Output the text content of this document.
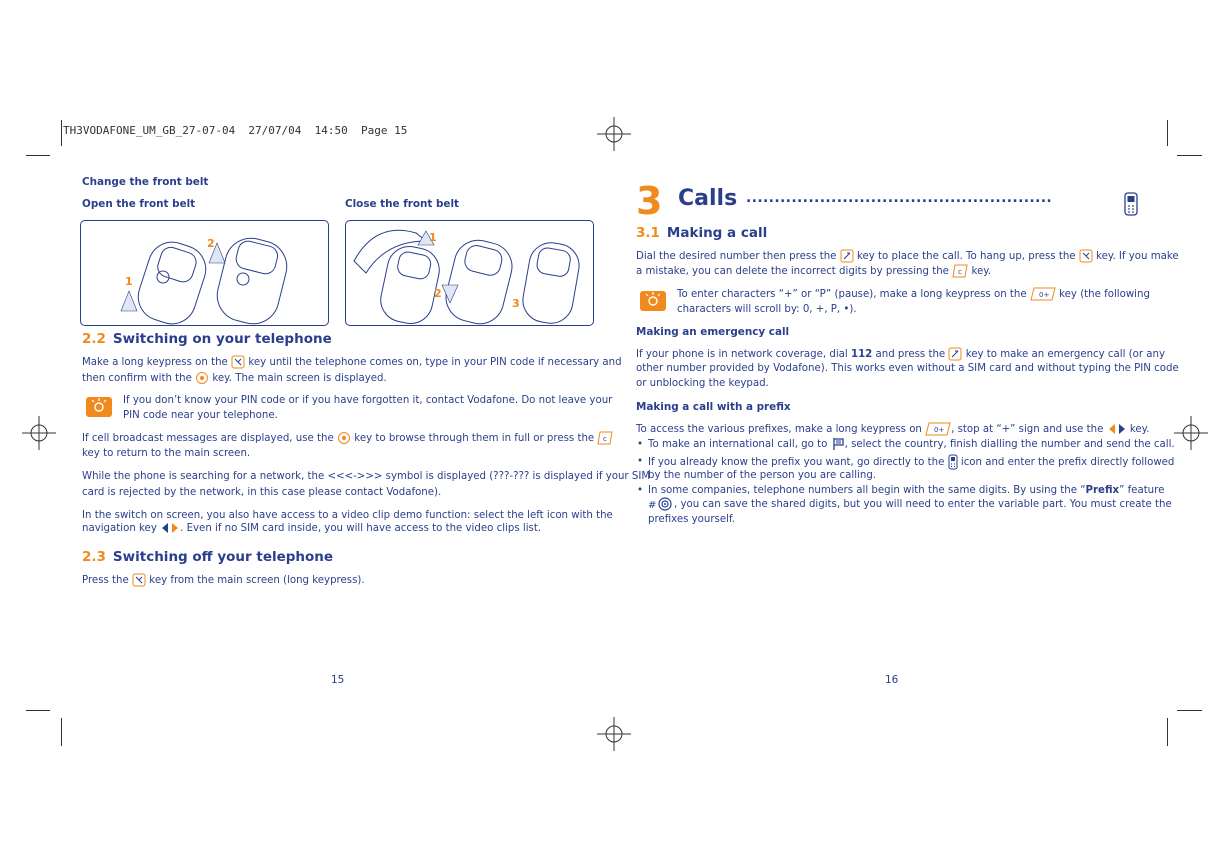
TH3VODAFONE_UM_GB_27-07-04  27/07/04  14:50  Page 15
Change the front belt
Open the front belt	Close the front belt
2
1
1
2
3
2.2 Switching on your telephone
Make a long keypress on the key until the telephone comes on, type in your PIN code if necessary and
then confirm with the key. The main screen is displayed.
If you don’t know your PIN code or if you have forgotten it, contact Vodafone. Do not leave your
PIN code near your telephone.
If cell broadcast messages are displayed, use the key to browse through them in full or press the c
key to return to the main screen.
While the phone is searching for a network, the <<<->>> symbol is displayed (???-??? is displayed if your SIM
card is rejected by the network, in this case please contact Vodafone).
In the switch on screen, you also have access to a video clip demo function: select the left icon with the
navigation key . Even if no SIM card inside, you will have access to the video clips list.
2.3 Switching off your telephone
Press the key from the main screen (long keypress).
15
3 Calls ......................................................
3.1 Making a call
Dial the desired number then press the key to place the call. To hang up, press the key. If you make
a mistake, you can delete the incorrect digits by pressing the c key.
To enter characters “+” or “P” (pause), make a long keypress on the 0+ key (the following
characters will scroll by: 0, +, P, •).
Making an emergency call
If your phone is in network coverage, dial 112 and press the key to make an emergency call (or any
other number provided by Vodafone). This works even without a SIM card and without typing the PIN code
or unblocking the keypad.
Making a call with a prefix
To access the various prefixes, make a long keypress on 0+ , stop at “+” sign and use the	key.
• To make an international call, go to , select the country, finish dialling the number and send the call.
• If you already know the prefix you want, go directly to the icon and enter the prefix directly followed
by the number of the person you are calling.
• In some companies, telephone numbers all begin with the same digits. By using the “Prefix” feature
# , you can save the shared digits, but you will need to enter the variable part. You must create the
prefixes yourself.
16
